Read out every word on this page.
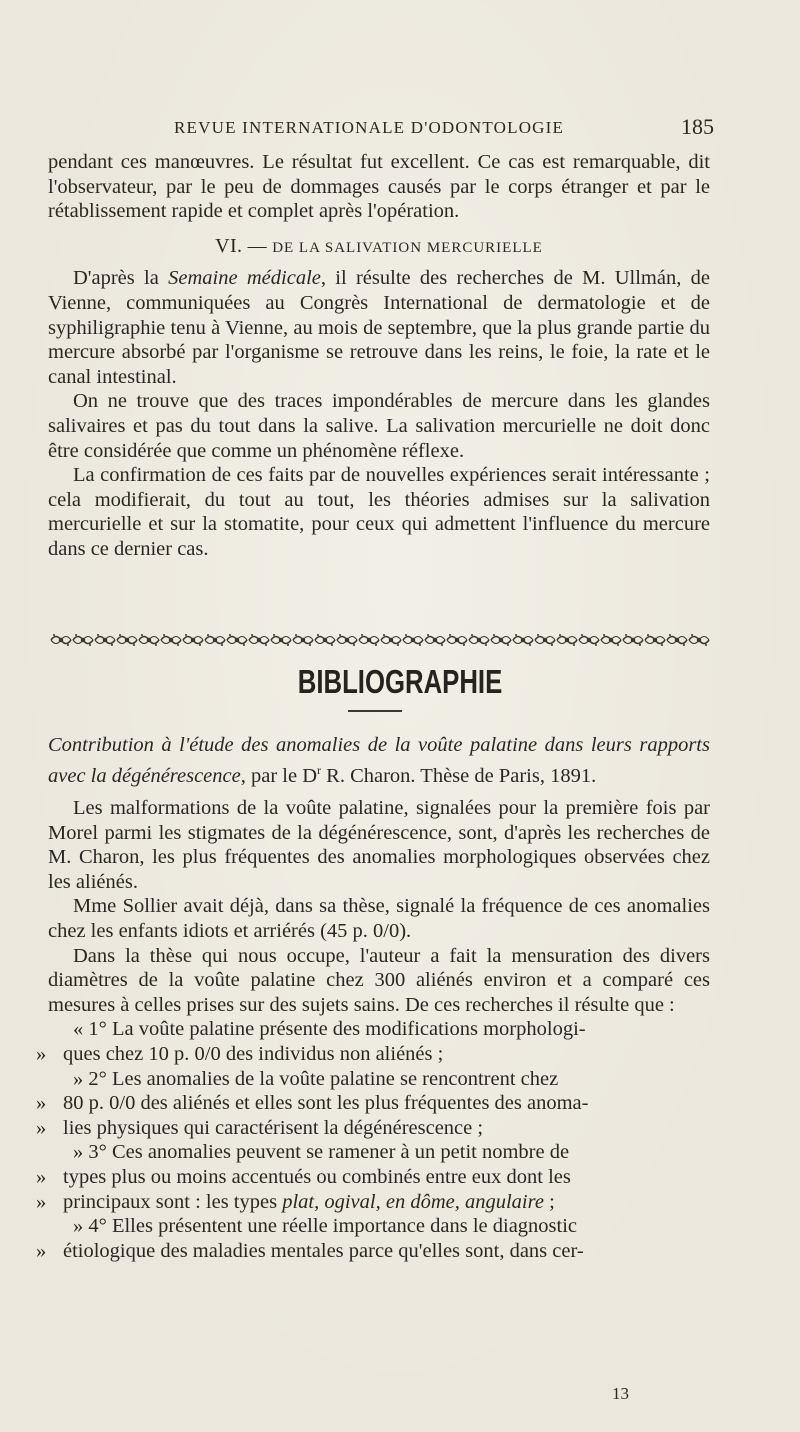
REVUE INTERNATIONALE D'ODONTOLOGIE	185

pendant ces manœuvres. Le résultat fut excellent. Ce cas est remarquable, dit l'observateur, par le peu de dommages causés par le corps étranger et par le rétablissement rapide et complet après l'opération.

VI. — DE LA SALIVATION MERCURIELLE

D'après la Semaine médicale, il résulte des recherches de M. Ullmán, de Vienne, communiquées au Congrès International de dermatologie et de syphiligraphie tenu à Vienne, au mois de septembre, que la plus grande partie du mercure absorbé par l'organisme se retrouve dans les reins, le foie, la rate et le canal intestinal.

On ne trouve que des traces impondérables de mercure dans les glandes salivaires et pas du tout dans la salive. La salivation mercurielle ne doit donc être considérée que comme un phénomène réflexe.

La confirmation de ces faits par de nouvelles expériences serait intéressante ; cela modifierait, du tout au tout, les théories admises sur la salivation mercurielle et sur la stomatite, pour ceux qui admettent l'influence du mercure dans ce dernier cas.

BIBLIOGRAPHIE

Contribution à l'étude des anomalies de la voûte palatine dans leurs rapports avec la dégénérescence, par le $D^r$ R. Charon. Thèse de Paris, 1891.

Les malformations de la voûte palatine, signalées pour la première fois par Morel parmi les stigmates de la dégénérescence, sont, d'après les recherches de M. Charon, les plus fréquentes des anomalies morphologiques observées chez les aliénés.

Mme Sollier avait déjà, dans sa thèse, signalé la fréquence de ces anomalies chez les enfants idiots et arriérés (45 p. 0/0).

Dans la thèse qui nous occupe, l'auteur a fait la mensuration des divers diamètres de la voûte palatine chez 300 aliénés environ et a comparé ces mesures à celles prises sur des sujets sains. De ces recherches il résulte que :

« 1° La voûte palatine présente des modifications morphologi-

» ques chez 10 p. 0/0 des individus non aliénés ;

» 2° Les anomalies de la voûte palatine se rencontrent chez

» 80 p. 0/0 des aliénés et elles sont les plus fréquentes des anoma-

» lies physiques qui caractérisent la dégénérescence ;

» 3° Ces anomalies peuvent se ramener à un petit nombre de

» types plus ou moins accentués ou combinés entre eux dont les

» principaux sont : les types plat, ogival, en dôme, angulaire ;

» 4° Elles présentent une réelle importance dans le diagnostic

» étiologique des maladies mentales parce qu'elles sont, dans cer-

13
